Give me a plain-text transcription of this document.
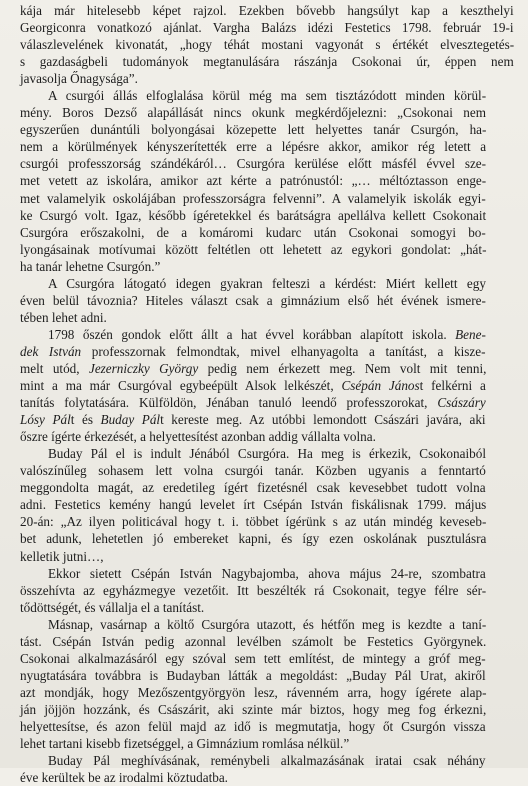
kája már hitelesebb képet rajzol. Ezekben bővebb hangsúlyt kap a keszthelyi
Georgiconra vonatkozó ajánlat. Vargha Balázs idézi Festetics 1798. február 19-i
válaszlevelének kivonatát, „hogy téhát mostani vagyonát s értékét elvesztegetés-
s gazdaságbeli tudományok megtanulására rászánja Csokonai úr, éppen nem
javasolja Őnagysága”.

A csurgói állás elfoglalása körül még ma sem tisztázódott minden körül-
mény. Boros Dezső alapállását nincs okunk megkérdőjelezni: „Csokonai nem
egyszerűen dunántúli bolyongásai közepette lett helyettes tanár Csurgón, ha-
nem a körülmények kényszerítették erre a lépésre akkor, amikor rég letett a
csurgói professzorság szándékáról… Csurgóra kerülése előtt másfél évvel sze-
met vetett az iskolára, amikor azt kérte a patrónustól: „… méltóztasson enge-
met valamelyik oskolájában professzorságra felvenni”. A valamelyik iskolák egyi-
ke Csurgó volt. Igaz, később ígéretekkel és barátságra apellálva kellett Csokonait
Csurgóra erőszakolni, de a komáromi kudarc után Csokonai somogyi bo-
lyongásainak motívumai között feltétlen ott lehetett az egykori gondolat: „hát-
ha tanár lehetne Csurgón.”

A Csurgóra látogató idegen gyakran felteszi a kérdést: Miért kellett egy
éven belül távoznia? Hiteles választ csak a gimnázium első hét évének ismere-
tében lehet adni.

1798 őszén gondok előtt állt a hat évvel korábban alapított iskola. Bene-
dek István professzornak felmondtak, mivel elhanyagolta a tanítást, a kisze-
melt utód, Jezerniczky György pedig nem érkezett meg. Nem volt mit tenni,
mint a ma már Csurgóval egybeépült Alsok lelkészét, Csépán Jánost felkérni a
tanítás folytatására. Külföldön, Jénában tanuló leendő professzorokat, Császáry
Lósy Pált és Buday Pált kereste meg. Az utóbbi lemondott Császári javára, aki
őszre ígérte érkezését, a helyettesítést azonban addig vállalta volna.

Buday Pál el is indult Jénából Csurgóra. Ha meg is érkezik, Csokonaiból
valószínűleg sohasem lett volna csurgói tanár. Közben ugyanis a fenntartó
meggondolta magát, az eredetileg ígért fizetésnél csak kevesebbet tudott volna
adni. Festetics kemény hangú levelet írt Csépán István fiskálisnak 1799. május
20-án: „Az ilyen politicával hogy t. i. többet ígérünk s az után mindég keveseb-
bet adunk, lehetetlen jó embereket kapni, és így ezen oskolának pusztulásra
kelletik jutni…,

Ekkor sietett Csépán István Nagybajomba, ahova május 24-re, szombatra
összehívta az egyházmegye vezetőit. Itt beszélték rá Csokonait, tegye félre sér-
tődöttségét, és vállalja el a tanítást.

Másnap, vasárnap a költő Csurgóra utazott, és hétfőn meg is kezdte a taní-
tást. Csépán István pedig azonnal levélben számolt be Festetics Györgynek.
Csokonai alkalmazásáról egy szóval sem tett említést, de mintegy a gróf meg-
nyugtatására továbbra is Budayban látták a megoldást: „Buday Pál Urat, akiről
azt mondják, hogy Mezőszentgyörgyön lesz, rávenném arra, hogy ígérete alap-
ján jöjjön hozzánk, és Császárit, aki szinte már biztos, hogy meg fog érkezni,
helyettesítse, és azon felül majd az idő is megmutatja, hogy őt Csurgón vissza
lehet tartani kisebb fizetséggel, a Gimnázium romlása nélkül.”

Buday Pál meghívásának, reménybeli alkalmazásának iratai csak néhány
éve kerültek be az irodalmi köztudatba.
